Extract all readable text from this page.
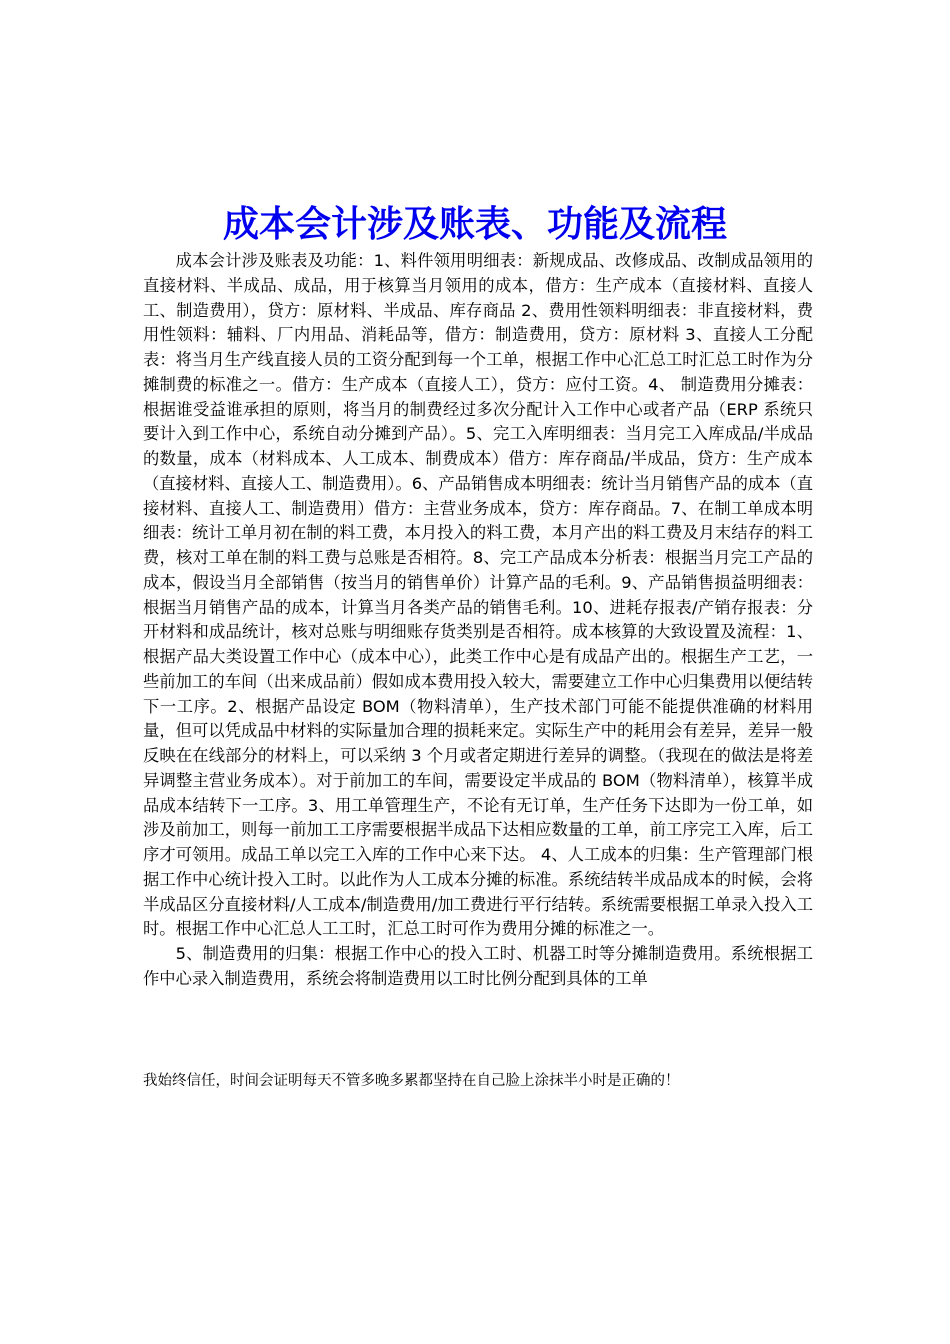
成本会计涉及账表、功能及流程

成本会计涉及账表及功能：1、料件领用明细表：新规成品、改修成品、改制成品领用的直接材料、半成品、成品，用于核算当月领用的成本，借方：生产成本（直接材料、直接人工、制造费用），贷方：原材料、半成品、库存商品 2、费用性领料明细表：非直接材料，费用性领料：辅料、厂内用品、消耗品等，借方：制造费用，贷方：原材料 3、直接人工分配表：将当月生产线直接人员的工资分配到每一个工单，根据工作中心汇总工时汇总工时作为分摊制费的标准之一。借方：生产成本（直接人工），贷方：应付工资。4、 制造费用分摊表：根据谁受益谁承担的原则，将当月的制费经过多次分配计入工作中心或者产品（ERP 系统只要计入到工作中心，系统自动分摊到产品）。5、完工入库明细表：当月完工入库成品/半成品的数量，成本（材料成本、人工成本、制费成本）借方：库存商品/半成品，贷方：生产成本（直接材料、直接人工、制造费用）。6、产品销售成本明细表：统计当月销售产品的成本（直接材料、直接人工、制造费用）借方：主营业务成本，贷方：库存商品。7、在制工单成本明细表：统计工单月初在制的料工费，本月投入的料工费，本月产出的料工费及月末结存的料工费，核对工单在制的料工费与总账是否相符。8、完工产品成本分析表：根据当月完工产品的成本，假设当月全部销售（按当月的销售单价）计算产品的毛利。9、产品销售损益明细表：根据当月销售产品的成本，计算当月各类产品的销售毛利。10、进耗存报表/产销存报表：分开材料和成品统计，核对总账与明细账存货类别是否相符。成本核算的大致设置及流程：1、根据产品大类设置工作中心（成本中心），此类工作中心是有成品产出的。根据生产工艺，一些前加工的车间（出来成品前）假如成本费用投入较大，需要建立工作中心归集费用以便结转下一工序。2、根据产品设定 BOM（物料清单），生产技术部门可能不能提供准确的材料用量，但可以凭成品中材料的实际量加合理的损耗来定。实际生产中的耗用会有差异，差异一般反映在在线部分的材料上，可以采纳 3 个月或者定期进行差异的调整。（我现在的做法是将差异调整主营业务成本）。对于前加工的车间，需要设定半成品的 BOM（物料清单），核算半成品成本结转下一工序。3、用工单管理生产，不论有无订单，生产任务下达即为一份工单，如涉及前加工，则每一前加工工序需要根据半成品下达相应数量的工单，前工序完工入库，后工序才可领用。成品工单以完工入库的工作中心来下达。 4、人工成本的归集：生产管理部门根据工作中心统计投入工时。以此作为人工成本分摊的标准。系统结转半成品成本的时候，会将半成品区分直接材料/人工成本/制造费用/加工费进行平行结转。系统需要根据工单录入投入工时。根据工作中心汇总人工工时，汇总工时可作为费用分摊的标准之一。

5、制造费用的归集：根据工作中心的投入工时、机器工时等分摊制造费用。系统根据工作中心录入制造费用，系统会将制造费用以工时比例分配到具体的工单

我始终信任，时间会证明每天不管多晚多累都坚持在自己脸上涂抹半小时是正确的！
